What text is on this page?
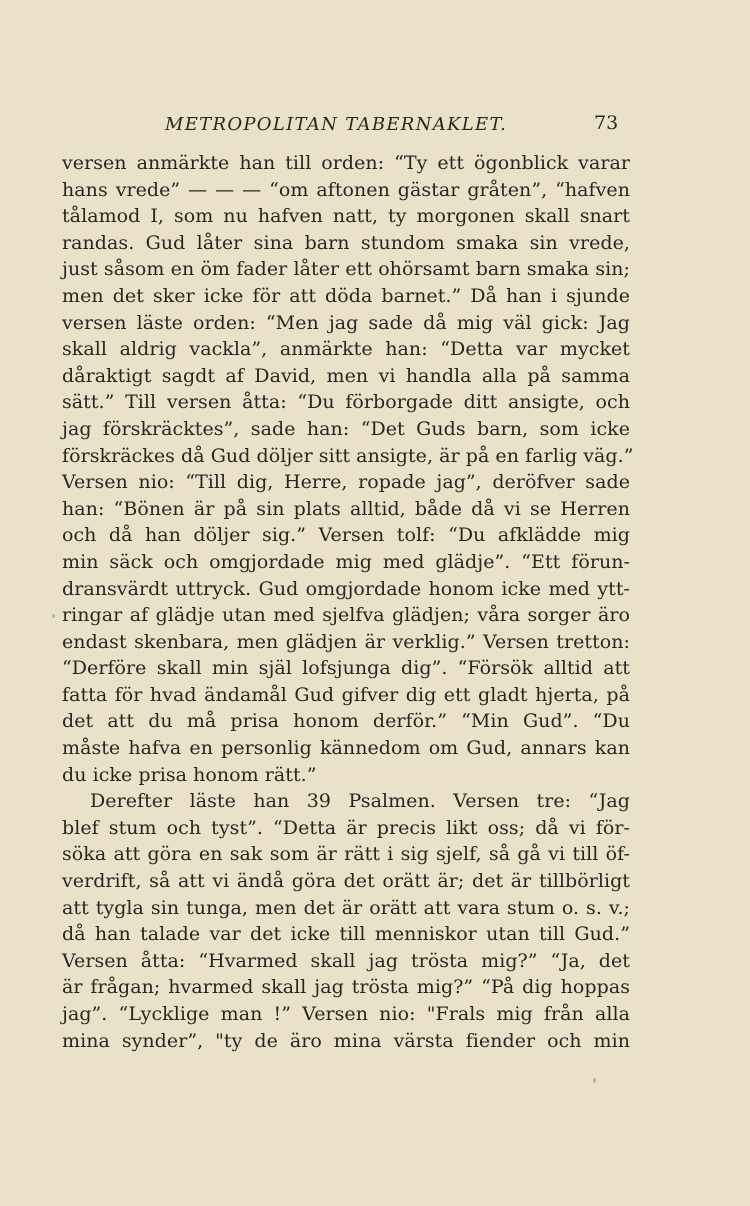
METROPOLITAN TABERNAKLET.	73
versen anmärkte han till orden: “Ty ett ögonblick varar
hans vrede” — — — “om aftonen gästar gråten”, “hafven
tålamod I, som nu hafven natt, ty morgonen skall snart
randas. Gud låter sina barn stundom smaka sin vrede,
just såsom en öm fader låter ett ohörsamt barn smaka sin;
men det sker icke för att döda barnet.” Då han i sjunde
versen läste orden: “Men jag sade då mig väl gick: Jag
skall aldrig vackla”, anmärkte han: “Detta var mycket
dåraktigt sagdt af David, men vi handla alla på samma
sätt.” Till versen åtta: “Du förborgade ditt ansigte, och
jag förskräcktes”, sade han: “Det Guds barn, som icke
förskräckes då Gud döljer sitt ansigte, är på en farlig väg.”
Versen nio: “Till dig, Herre, ropade jag”, deröfver sade
han: “Bönen är på sin plats alltid, både då vi se Herren
och då han döljer sig.” Versen tolf: “Du afklädde mig
min säck och omgjordade mig med glädje”. “Ett förun-
dransvärdt uttryck. Gud omgjordade honom icke med ytt-
ringar af glädje utan med sjelfva glädjen; våra sorger äro
endast skenbara, men glädjen är verklig.” Versen tretton:
“Derföre skall min själ lofsjunga dig”. “Försök alltid att
fatta för hvad ändamål Gud gifver dig ett gladt hjerta, på
det att du må prisa honom derför.” “Min Gud”. “Du
måste hafva en personlig kännedom om Gud, annars kan
du icke prisa honom rätt.”
Derefter läste han 39 Psalmen. Versen tre: “Jag
blef stum och tyst”. “Detta är precis likt oss; då vi för-
söka att göra en sak som är rätt i sig sjelf, så gå vi till öf-
verdrift, så att vi ändå göra det orätt är; det är tillbörligt
att tygla sin tunga, men det är orätt att vara stum o. s. v.;
då han talade var det icke till menniskor utan till Gud.”
Versen åtta: “Hvarmed skall jag trösta mig?” “Ja, det
är frågan; hvarmed skall jag trösta mig?” “På dig hoppas
jag”. “Lycklige man !” Versen nio: "Frals mig från alla
mina synder”, "ty de äro mina värsta fiender och min
